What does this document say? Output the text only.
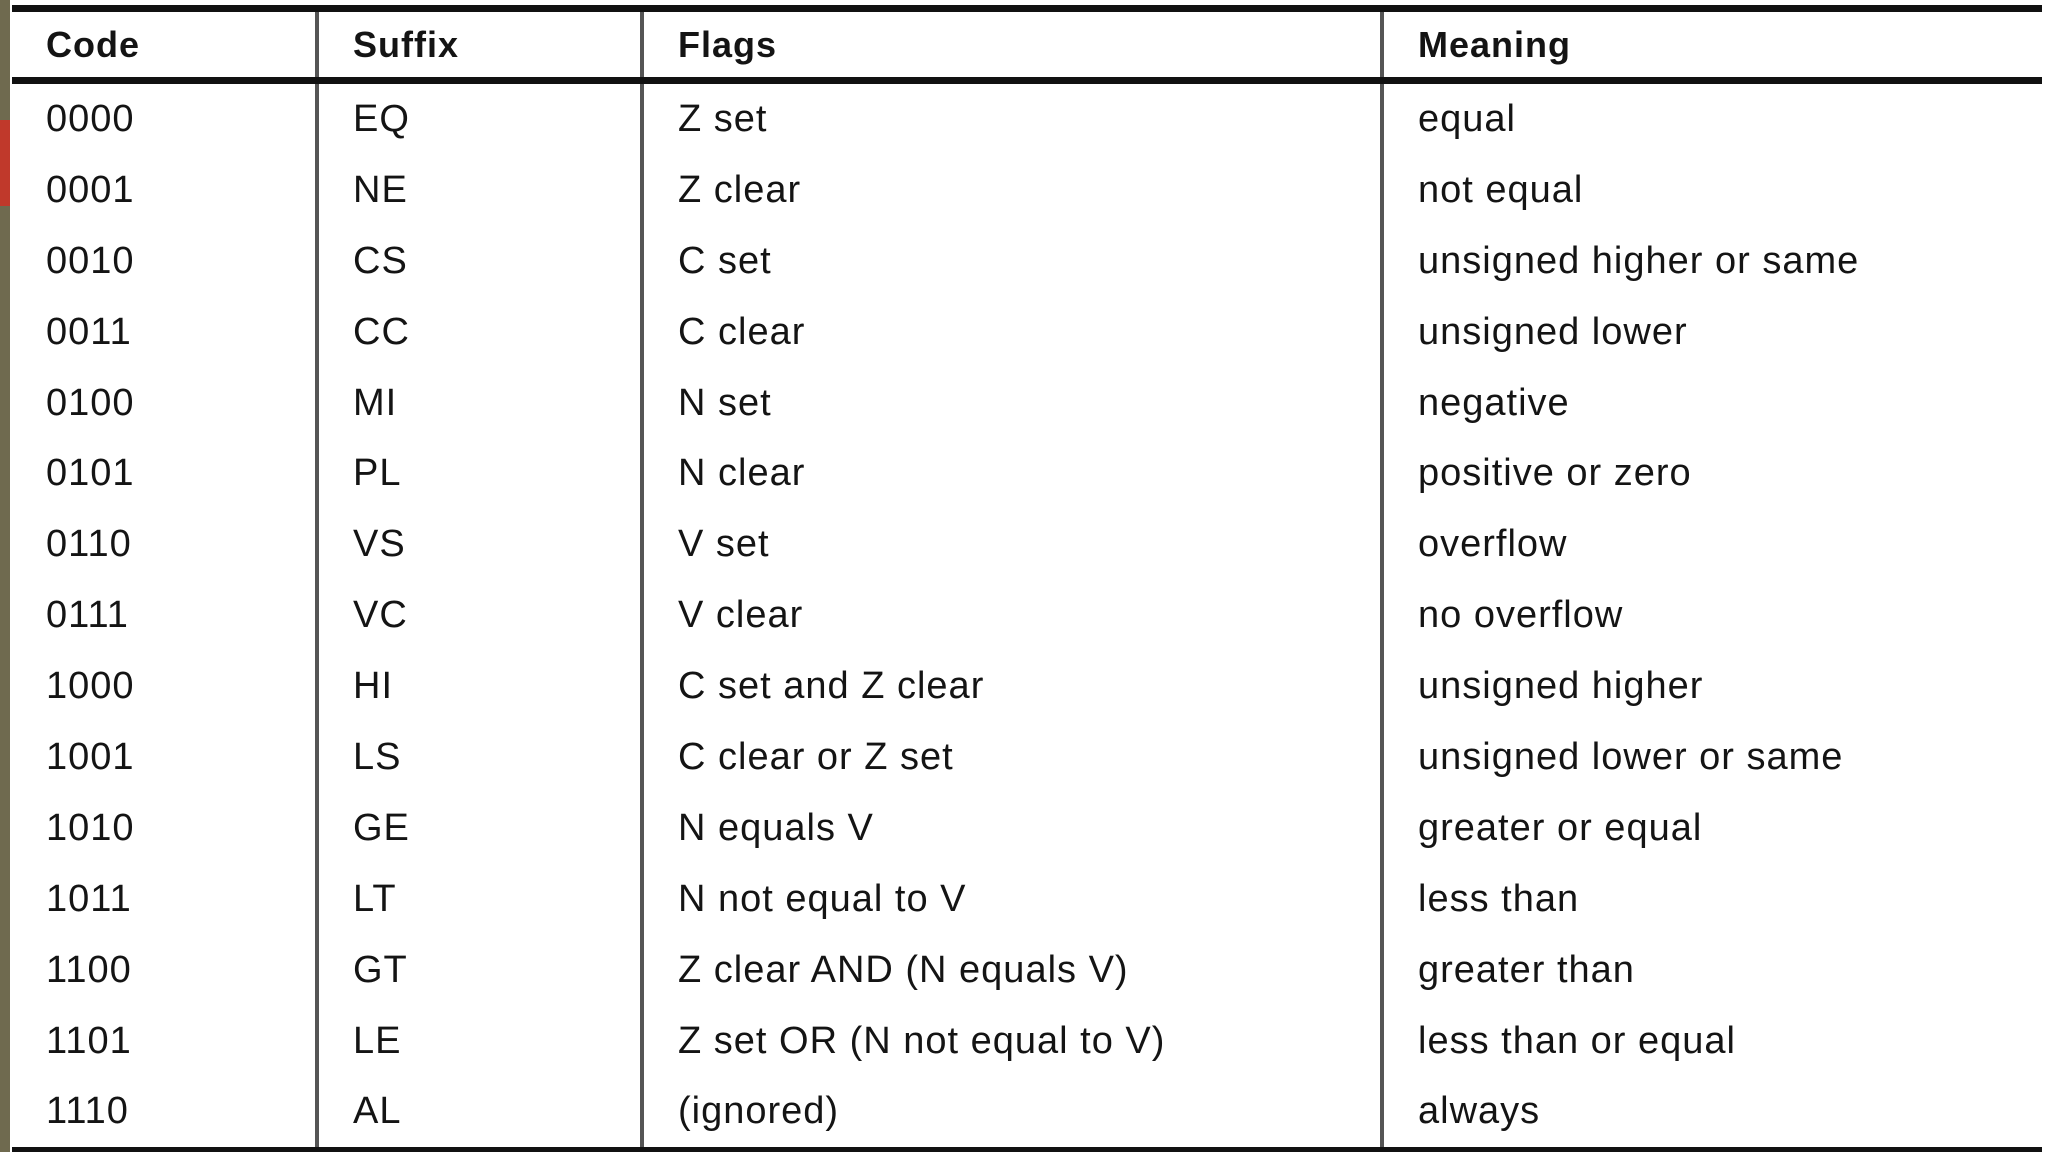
Code	Suffix	Flags	Meaning
0000	EQ	Z set	equal
0001	NE	Z clear	not equal
0010	CS	C set	unsigned higher or same
0011	CC	C clear	unsigned lower
0100	MI	N set	negative
0101	PL	N clear	positive or zero
0110	VS	V set	overflow
0111	VC	V clear	no overflow
1000	HI	C set and Z clear	unsigned higher
1001	LS	C clear or Z set	unsigned lower or same
1010	GE	N equals V	greater or equal
1011	LT	N not equal to V	less than
1100	GT	Z clear AND (N equals V)	greater than
1101	LE	Z set OR (N not equal to V)	less than or equal
1110	AL	(ignored)	always
